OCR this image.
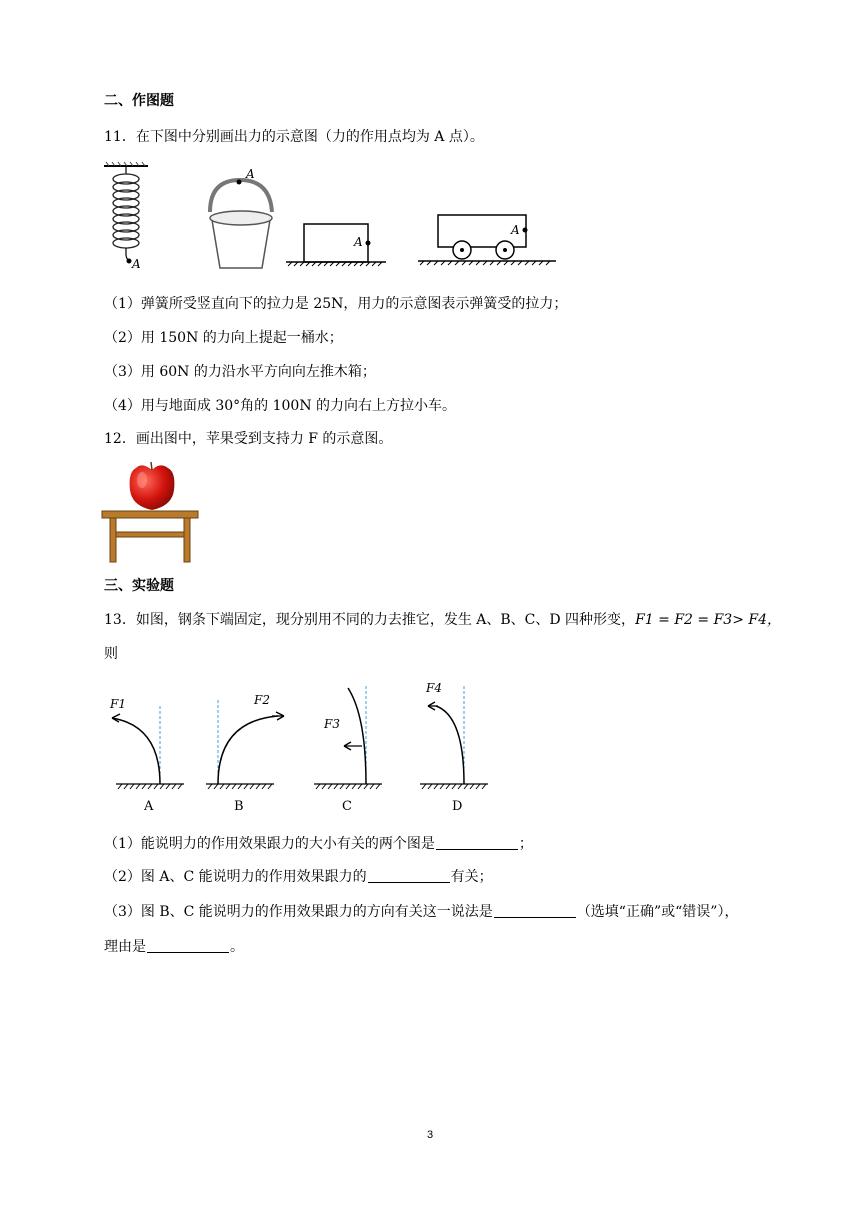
二、作图题
11．在下图中分别画出力的示意图（力的作用点均为 A 点）。
A
A
A
A
（1）弹簧所受竖直向下的拉力是 25N，用力的示意图表示弹簧受的拉力；
（2）用 150N 的力向上提起一桶水；
（3）用 60N 的力沿水平方向向左推木箱；
（4）用与地面成 30°角的 100N 的力向右上方拉小车。
12．画出图中，苹果受到支持力 F 的示意图。
三、实验题
13．如图，钢条下端固定，现分别用不同的力去推它，发生 A、B、C、D 四种形变，F1 = F2 = F3> F4，
则
F1
A
F2
B
F3
C
F4
D
（1）能说明力的作用效果跟力的大小有关的两个图是	；
（2）图 A、C 能说明力的作用效果跟力的	有关；
（3）图 B、C 能说明力的作用效果跟力的方向有关这一说法是	（选填“正确”或“错误”），
理由是	。
3
